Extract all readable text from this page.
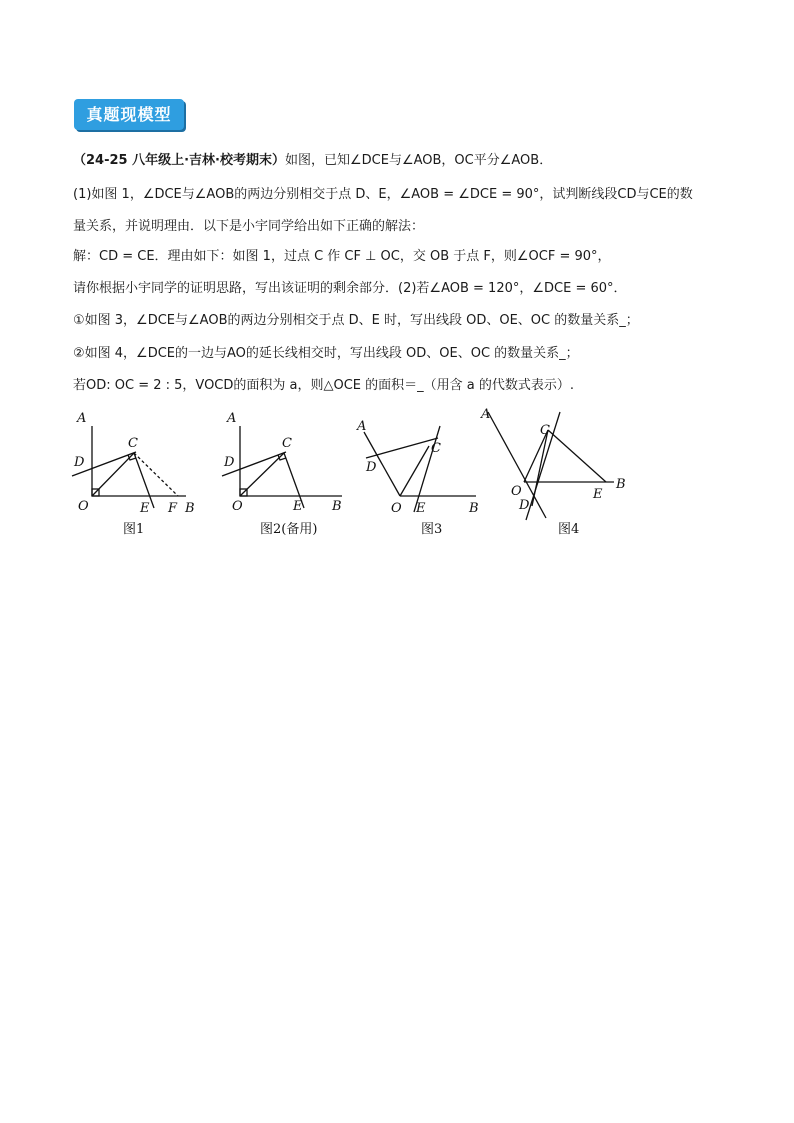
真题现模型
（24-25 八年级上·吉林·校考期末）如图，已知∠DCE与∠AOB，OC平分∠AOB．
(1)如图 1，∠DCE与∠AOB的两边分别相交于点 D、E，∠AOB = ∠DCE = 90°，试判断线段CD与CE的数
量关系，并说明理由．以下是小宇同学给出如下正确的解法：
解：CD = CE．理由如下：如图 1，过点 C 作 CF ⊥ OC，交 OB 于点 F，则∠OCF = 90°，
请你根据小宇同学的证明思路，写出该证明的剩余部分．(2)若∠AOB = 120°，∠DCE = 60°．
①如图 3，∠DCE与∠AOB的两边分别相交于点 D、E 时，写出线段 OD、OE、OC 的数量关系_；
②如图 4，∠DCE的一边与AO的延长线相交时，写出线段 OD、OE、OC 的数量关系_；
若OD: OC = 2 : 5，VOCD的面积为 a，则△OCE 的面积＝_（用含 a 的代数式表示）.
A
C
D
O	E F B
图1
A
C
D
O	E B
图2(备用)
A
C
D
O E	B
图3
A
C
O
D
E
B
图4
